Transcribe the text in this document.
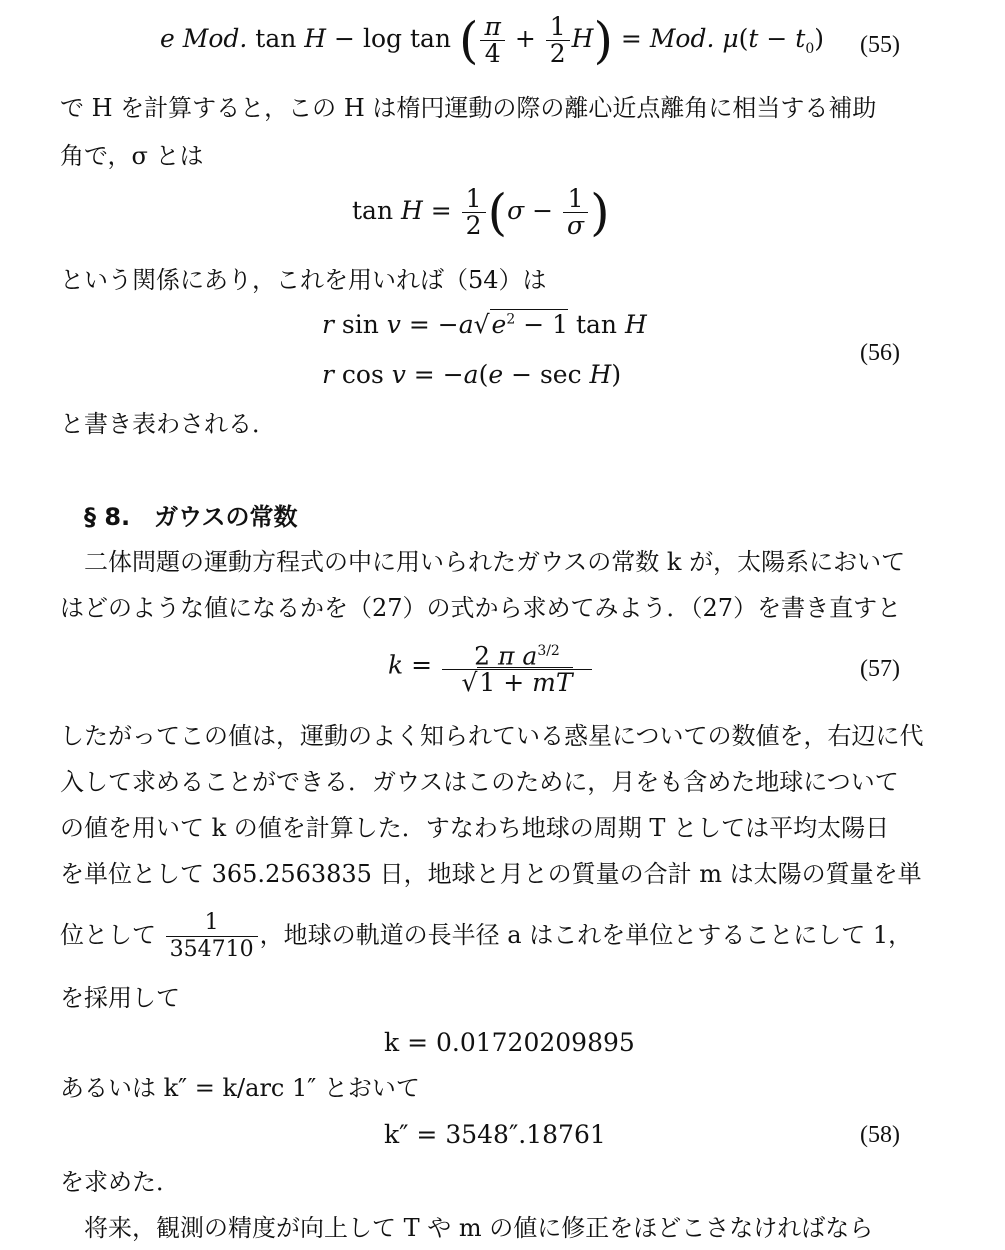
e Mod. tan H − log tan ( $\frac{\pi}{4} + \frac{1}{2} H$) = Mod. $\mu(t - t_0)$ (55)
で H を計算すると，この H は楕円運動の際の離心近点離角に相当する補助
角で，σ とは
$\tan H = \frac{1}{2} (\sigma - \frac{1}{\sigma}$ )
という関係にあり，これを用いれば（54）は
r $\sin v = -a√e^2 - 1$ tan H
r cos v = −a(e − sec H)
(56)
と書き表わされる．
§ 8.　ガウスの常数
二体問題の運動方程式の中に用いられたガウスの常数 k が，太陽系において
はどのような値になるかを（27）の式から求めてみよう．（27）を書き直すと
$k = \frac{2 \pi a^{3/2}}{√1 + mT}$	(57)
したがってこの値は，運動のよく知られている惑星についての数値を，右辺に代
入して求めることができる．ガウスはこのために，月をも含めた地球について
の値を用いて k の値を計算した．すなわち地球の周期 T としては平均太陽日
を単位として 365.2563835 日，地球と月との質量の合計 m は太陽の質量を単
位として $\frac{1}{354710}$ ，地球の軌道の長半径 a はこれを単位とすることにして 1，
を採用して
k = 0.01720209895
あるいは k″ = k/arc 1″ とおいて
k″ = 3548″.18761	(58)
を求めた．
将来，観測の精度が向上して T や m の値に修正をほどこさなければなら
